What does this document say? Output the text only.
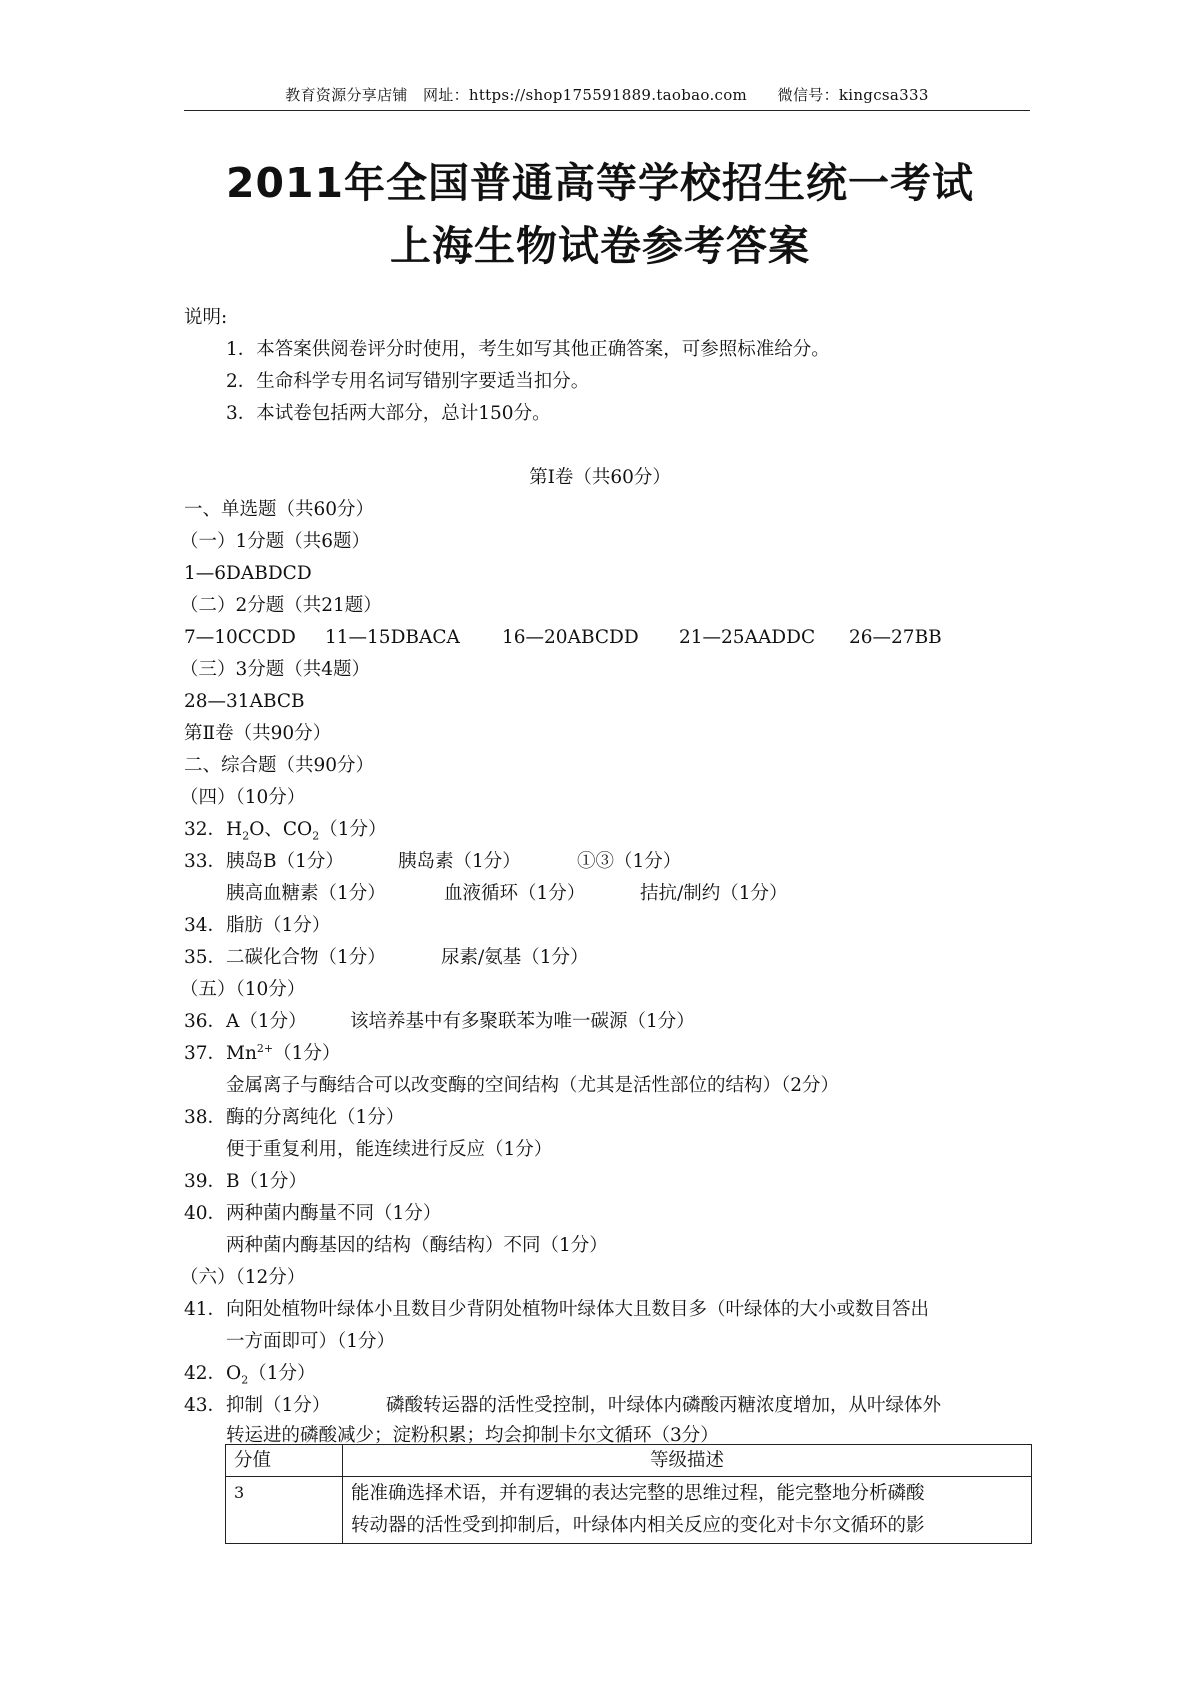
教育资源分享店铺　网址：https://shop175591889.taobao.com　　微信号：kingcsa333
2011年全国普通高等学校招生统一考试
上海生物试卷参考答案
说明:
1．本答案供阅卷评分时使用，考生如写其他正确答案，可参照标准给分。
2．生命科学专用名词写错别字要适当扣分。
3．本试卷包括两大部分，总计150分。
第Ⅰ卷（共60分）
一、单选题（共60分）
（一）1分题（共6题）
1—6DABDCD
（二）2分题（共21题）
7—10CCDD 11—15DBACA 16—20ABCDD 21—25AADDC 26—27BB
（三）3分题（共4题）
28—31ABCB
第Ⅱ卷（共90分）
二、综合题（共90分）
（四）（10分）
32．$H_2O$、$CO_2(1$分）
33．胰岛B（1分）	胰岛素（1分）	①③（1分）
胰高血糖素（1分）	血液循环（1分）	拮抗/制约（1分）
34．脂肪（1分）
35．二碳化合物（1分）	尿素/氨基（1分）
（五）（10分）
36．A（1分） 该培养基中有多聚联苯为唯一碳源（1分）
37．$Mn^{2+}(1$分）
金属离子与酶结合可以改变酶的空间结构（尤其是活性部位的结构）（2分）
38．酶的分离纯化（1分）
便于重复利用，能连续进行反应（1分）
39．B（1分）
40．两种菌内酶量不同（1分）
两种菌内酶基因的结构（酶结构）不同（1分）
（六）（12分）
41．向阳处植物叶绿体小且数目少背阴处植物叶绿体大且数目多（叶绿体的大小或数目答出
一方面即可）（1分）
42．$O_2(1$分）
43．抑制（1分）	磷酸转运器的活性受控制，叶绿体内磷酸丙糖浓度增加，从叶绿体外
转运进的磷酸减少；淀粉积累；均会抑制卡尔文循环（3分）
分值	等级描述
3	能准确选择术语，并有逻辑的表达完整的思维过程，能完整地分析磷酸
转动器的活性受到抑制后，叶绿体内相关反应的变化对卡尔文循环的影
